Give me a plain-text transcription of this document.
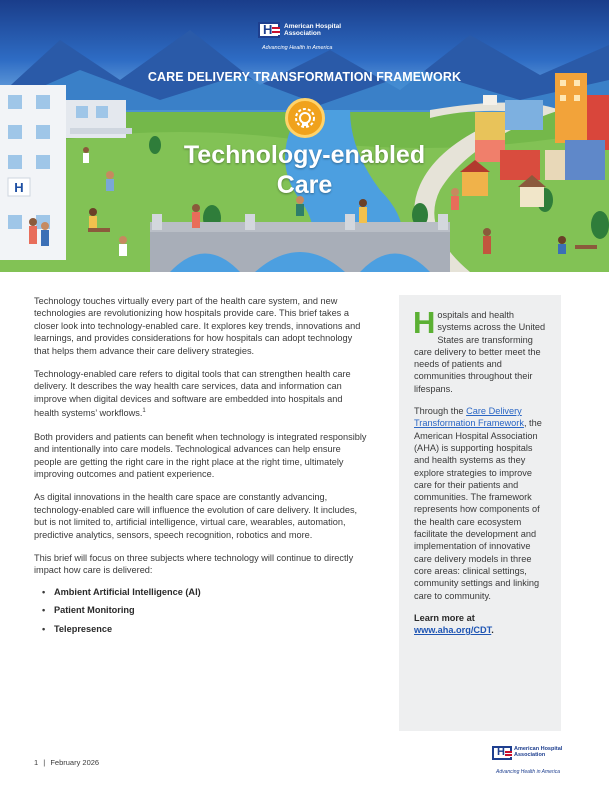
H
H
American Hospital
Association
Advancing Health in America
CARE DELIVERY TRANSFORMATION FRAMEWORK
Technology-enabled
Care

Technology touches virtually every part of the health care system, and new technologies are revolutionizing how hospitals provide care. This brief takes a closer look into technology-enabled care. It explores key trends, innovations and learnings, and provides considerations for how hospitals can adopt technology that helps them advance their care delivery strategies.

Technology-enabled care refers to digital tools that can strengthen health care delivery. It describes the way health care services, data and information can improve when digital devices and software are embedded into hospitals and health systems’ workflows.$^1$

Both providers and patients can benefit when technology is integrated responsibly and intentionally into care models. Technological advances can help ensure people are getting the right care in the right place at the right time, ultimately improving outcomes and patient experience.

As digital innovations in the health care space are constantly advancing, technology-enabled care will influence the evolution of care delivery. It includes, but is not limited to, artificial intelligence, virtual care, wearables, automation, predictive analytics, sensors, speech recognition, robotics and more.

This brief will focus on three subjects where technology will continue to directly impact how care is delivered:

• Ambient Artificial Intelligence (AI)
• Patient Monitoring
• Telepresence

Hospitals and health systems across the United States are transforming care delivery to better meet the needs of patients and communities throughout their lifespans.

Through the Care Delivery Transformation Framework, the American Hospital Association (AHA) is supporting hospitals and health systems as they explore strategies to improve care for their patients and communities. The framework represents how components of the health care ecosystem facilitate the development and implementation of innovative care delivery models in three core areas: clinical settings, community settings and linking care to community.

Learn more at
www.aha.org/CDT.

1 | February 2026
H
American Hospital
Association
Advancing Health in America
